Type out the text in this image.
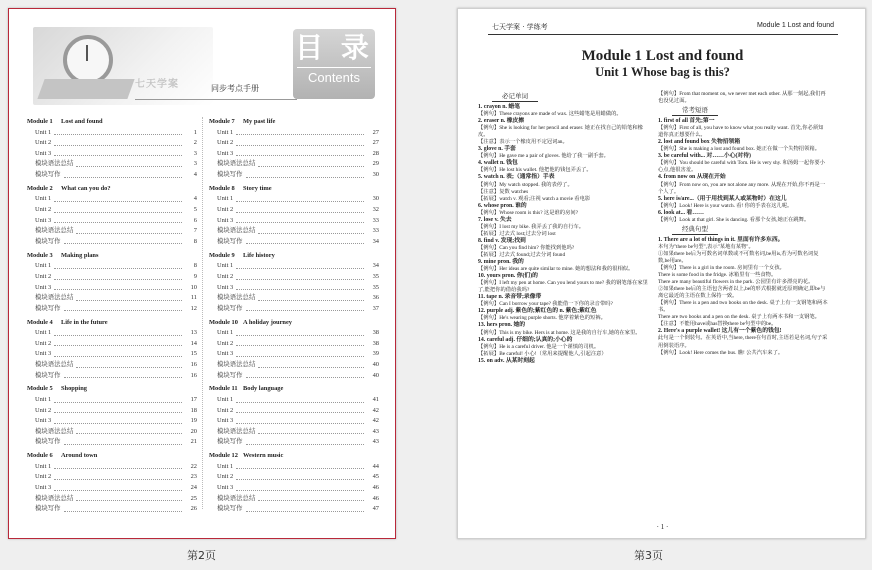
七天学案	同步考点手册
目 录
Contents
Module 1 Lost and found
Unit 1	1
Unit 2	2
Unit 3	3
模块语法总结	3
模块写作	4
Module 2 What can you do?
Unit 1	4
Unit 2	5
Unit 3	6
模块语法总结	7
模块写作	8
Module 3 Making plans
Unit 1	8
Unit 2	9
Unit 3	10
模块语法总结	11
模块写作	12
Module 4 Life in the future
Unit 1	13
Unit 2	14
Unit 3	15
模块语法总结	16
模块写作	16
Module 5 Shopping
Unit 1	17
Unit 2	18
Unit 3	19
模块语法总结	20
模块写作	21
Module 6 Around town
Unit 1	22
Unit 2	23
Unit 3	24
模块语法总结	25
模块写作	26
Module 7 My past life
Unit 1	27
Unit 2	27
Unit 3	28
模块语法总结	29
模块写作	30
Module 8 Story time
Unit 1	30
Unit 2	32
Unit 3	33
模块语法总结	33
模块写作	34
Module 9 Life history
Unit 1	34
Unit 2	35
Unit 3	35
模块语法总结	36
模块写作	37
Module 10 A holiday journey
Unit 1	38
Unit 2	38
Unit 3	39
模块语法总结	40
模块写作	40
Module 11 Body language
Unit 1	41
Unit 2	42
Unit 3	42
模块语法总结	43
模块写作	43
Module 12 Western music
Unit 1	44
Unit 2	45
Unit 3	46
模块语法总结	46
模块写作	47
第2页
七天学案 · 学练考	Module 1 Lost and found
Module 1 Lost and found
Unit 1 Whose bag is this?
必记单词

1. crayon n. 蜡笔

【例句】These crayons are made of wax. 这些蜡笔是用蜡做的。

2. eraser n. 橡皮擦

【例句】She is looking for her pencil and eraser. 她正在找自己的铅笔和橡皮。

【注意】表示一个橡皮用不定冠词an。

3. glove n. 手套

【例句】He gave me a pair of gloves. 他给了我一副手套。

4. wallet n. 钱包

【例句】He lost his wallet. 他把他的钱包弄丢了。

5. watch n. 表;（通常指）手表

【例句】My watch stopped. 我的表停了。

【注意】复数 watches

【拓展】watch v. 观看;注视 watch a movie 看电影

6. whose pron. 谁的

【例句】Whose room is this? 这是谁的房间?

7. lose v. 失去

【例句】I lost my bike. 我弄丢了我的自行车。

【拓展】过去式 lost;过去分词 lost

8. find v. 发现;找到

【例句】Can you find him? 你能找到他吗?

【拓展】过去式 found;过去分词 found

9. mine pron. 我的

【例句】Her ideas are quite similar to mine. 她的想法和我的很相似。

10. yours pron. 你(们)的

【例句】I left my pen at home. Can you lend yours to me? 我的钢笔落在家里了,能把你的借给我吗?

11. tape n. 录音带;录像带

【例句】Can I borrow your tape? 我能借一下你的录音带吗?

12. purple adj. 紫色的;紫红色的 n. 紫色;紫红色

【例句】He's wearing purple shorts. 他穿着紫色的短裤。

13. hers pron. 她的

【例句】This is my bike. Hers is at home. 这是我的自行车,她的在家里。

14. careful adj. 仔细的;认真的;小心的

【例句】He is a careful driver. 他是一个谨慎的司机。

【拓展】Be careful! 小心!（常用来提醒他人,引起注意）

15. on adv. 从某时刻起

【例句】From that moment on, we never met each other. 从那一刻起,我们再也没见过面。

常考短语

1. first of all 首先;第一

【例句】First of all, you have to know what you really want. 首先,你必须知道你真正想要什么。

2. lost and found box 失物招领箱

【例句】She is making a lost and found box. 她正在做一个失物招领箱。

3. be careful with... 对……小心(对待)

【例句】You should be careful with Tom. He is very shy. 和汤姆一起你要小心点,他很害羞。

4. from now on 从现在开始

【例句】From now on, you are not alone any more. 从现在开始,你不再是一个人了。

5. here is/are...（用于用找到某人或某物时）在这儿

【例句】Look! Here is your watch. 看! 你的手表在这儿呢。

6. look at... 看……

【例句】Look at that girl. She is dancing. 看那个女孩,她正在跳舞。

经典句型

1. There are a lot of things in it. 里面有许多东西。

本句为"there be句型",表示"某地有某物"。

①如果there be后为可数名词单数或不可数名词,be用is,若为可数名词复数,be用are。

【例句】There is a girl in the room. 房间里有一个女孩。

There is some food in the fridge. 冰箱里有一些食物。

There are many beautiful flowers in the park. 公园里有许多漂亮的花。

②如果there be后的主语包含两者以上,be的形式根据就近原则确定,即be与离它最近的主语在数上保持一致。

【例句】There is a pen and two books on the desk. 桌子上有一支钢笔和两本书。

There are two books and a pen on the desk. 桌子上有两本书和一支钢笔。

【注意】不能用have或has替换there be句型中的be。

2. Here's a purple wallet! 这儿有一个紫色的钱包!

此句是一个倒装句。在英语中,当here, there在句首时,主语若是名词,句子采用倒装语序。

【例句】Look! Here comes the bus. 瞧! 公共汽车来了。

· 1 ·
第3页
